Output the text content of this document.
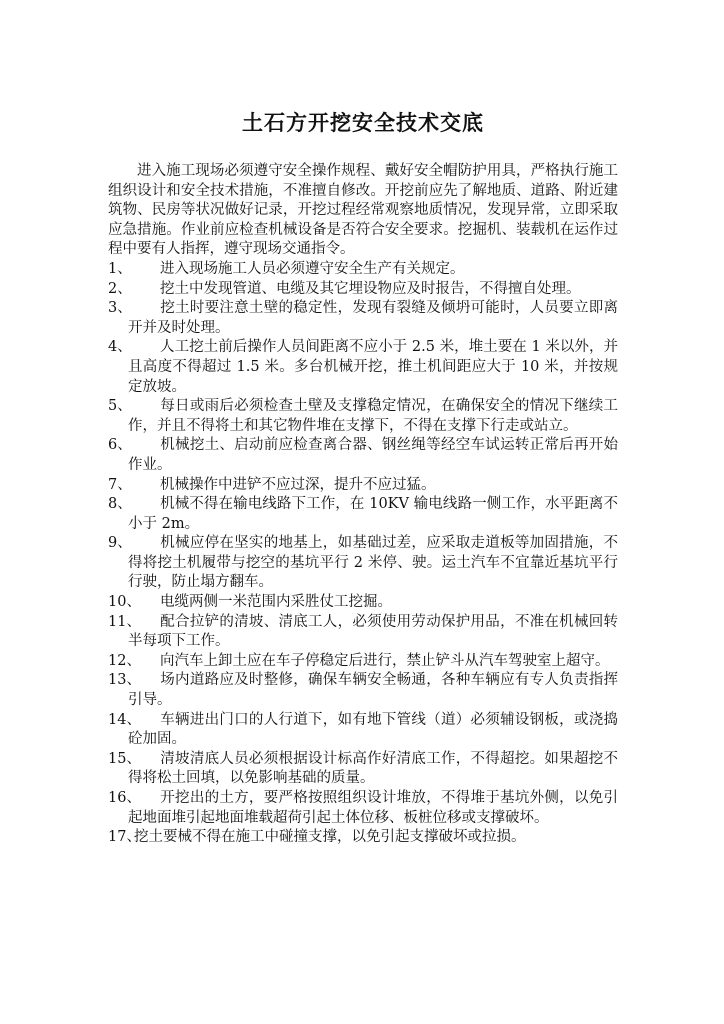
土石方开挖安全技术交底

进入施工现场必须遵守安全操作规程、戴好安全帽防护用具，严格执行施工组织设计和安全技术措施，不准擅自修改。开挖前应先了解地质、道路、附近建筑物、民房等状况做好记录，开挖过程经常观察地质情况，发现异常，立即采取应急措施。作业前应检查机械设备是否符合安全要求。挖掘机、装载机在运作过程中要有人指挥，遵守现场交通指令。

1、	进入现场施工人员必须遵守安全生产有关规定。
2、	挖土中发现管道、电缆及其它埋设物应及时报告，不得擅自处理。
3、	挖土时要注意土壁的稳定性，发现有裂缝及倾坍可能时，人员要立即离开并及时处理。
4、	人工挖土前后操作人员间距离不应小于 2.5 米，堆土要在 1 米以外，并且高度不得超过 1.5 米。多台机械开挖，推土机间距应大于 10 米，并按规定放坡。
5、	每日或雨后必须检查土壁及支撑稳定情况，在确保安全的情况下继续工作，并且不得将土和其它物件堆在支撑下，不得在支撑下行走或站立。
6、	机械挖土、启动前应检查离合器、钢丝绳等经空车试运转正常后再开始作业。
7、	机械操作中进铲不应过深，提升不应过猛。
8、	机械不得在输电线路下工作，在 10KV 输电线路一侧工作，水平距离不小于 2m。
9、	机械应停在坚实的地基上，如基础过差，应采取走道板等加固措施，不得将挖土机履带与挖空的基坑平行 2 米停、驶。运土汽车不宜靠近基坑平行行驶，防止塌方翻车。
10、	电缆两侧一米范围内采胜仗工挖掘。
11、	配合拉铲的清坡、清底工人，必须使用劳动保护用品，不准在机械回转半每项下工作。
12、	向汽车上卸土应在车子停稳定后进行，禁止铲斗从汽车驾驶室上超守。
13、	场内道路应及时整修，确保车辆安全畅通，各种车辆应有专人负责指挥引导。
14、	车辆进出门口的人行道下，如有地下管线（道）必须辅设钢板，或浇捣砼加固。
15、	清坡清底人员必须根据设计标高作好清底工作，不得超挖。如果超挖不得将松土回填，以免影响基础的质量。
16、	开挖出的土方，要严格按照组织设计堆放，不得堆于基坑外侧，以免引起地面堆引起地面堆载超荷引起土体位移、板桩位移或支撑破坏。
17、
挖土要械不得在施工中碰撞支撑，以免引起支撑破坏或拉损。
